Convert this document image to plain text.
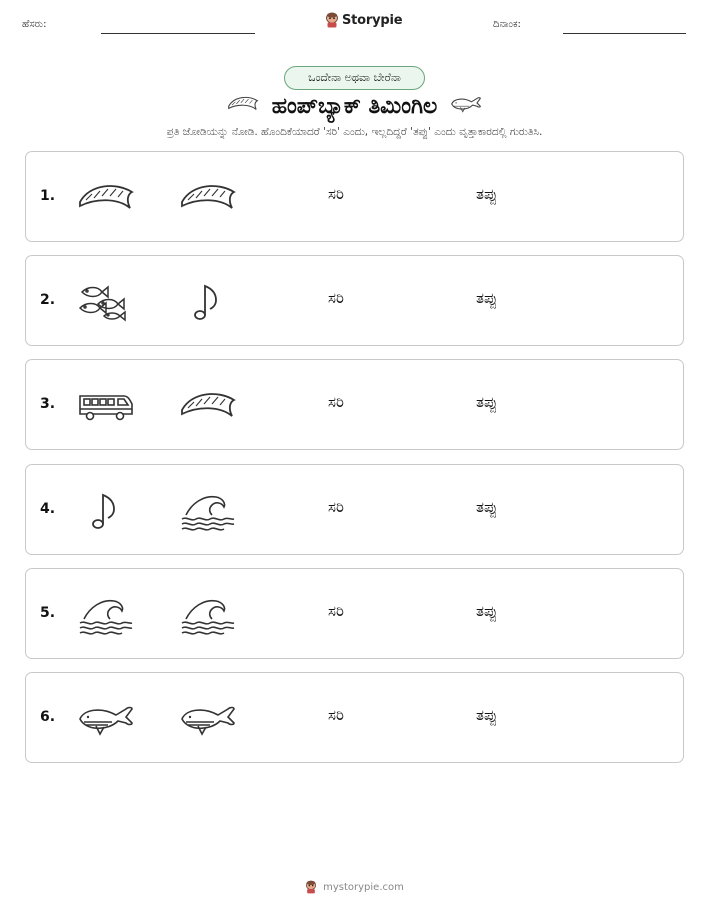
ಹೆಸರು:	Storypie	ದಿನಾಂಕ:
ಒಂದೇನಾ ಅಥವಾ ಬೇರೆನಾ
ಹಂಪ್‌ಬ್ಯಾಕ್ ತಿಮಿಂಗಿಲ
ಪ್ರತಿ ಜೋಡಿಯನ್ನು ನೋಡಿ. ಹೊಂದಿಕೆಯಾದರೆ 'ಸರಿ' ಎಂದು, ಇಲ್ಲದಿದ್ದರೆ 'ತಪ್ಪು' ಎಂದು ವೃತ್ತಾಕಾರದಲ್ಲಿ ಗುರುತಿಸಿ.
1.	ಸರಿ	ತಪ್ಪು
2.	ಸರಿ	ತಪ್ಪು
3.	ಸರಿ	ತಪ್ಪು
4.	ಸರಿ	ತಪ್ಪು
5.	ಸರಿ	ತಪ್ಪು
6.	ಸರಿ	ತಪ್ಪು
mystorypie.com
